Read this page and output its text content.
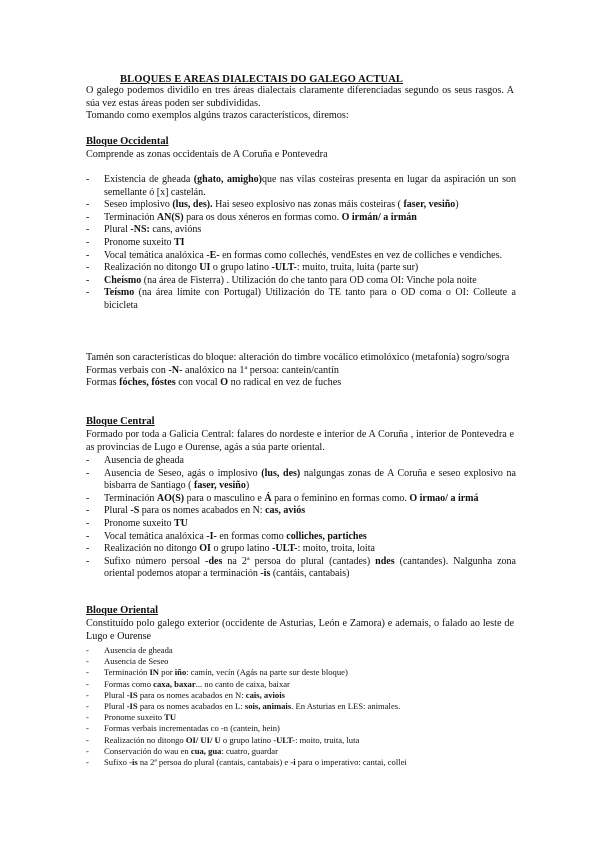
BLOQUES E AREAS DIALECTAIS DO GALEGO ACTUAL
O galego podemos dividilo en tres áreas dialectais claramente diferenciadas segundo os seus rasgos. A súa vez estas áreas poden ser subdivididas.
Tomando como exemplos algúns trazos característicos, diremos:
Bloque Occidental
Comprende as zonas occidentais de A Coruña e Pontevedra
- Existencia de gheada (ghato, amigho)que nas vilas costeiras presenta en lugar da aspiración un son semellante ó [x] castelán.
- Seseo implosivo (lus, des). Hai seseo explosivo nas zonas máis costeiras ( faser, vesiño)
- Terminación AN(S) para os dous xéneros en formas como. O irmán/ a irmán
- Plural -NS: cans, avións
- Pronome suxeito TI
- Vocal temática analóxica -E- en formas como collechés, vendEstes en vez de colliches e vendiches.
- Realización no ditongo UI o grupo latino -ULT-: muito, truita, luita (parte sur)
- Cheísmo (na área de Fisterra) . Utilización do che tanto para OD coma OI: Vinche pola noite
- Teísmo (na área límite con Portugal) Utilización do TE tanto para o OD coma o OI: Colleute a bicicleta
Tamén son características do bloque: alteración do timbre vocálico etimolóxico (metafonía) sogro/sogra
Formas verbais con -N- analóxico na 1ª persoa: cantein/cantín
Formas fóches, fóstes con vocal O no radical en vez de fuches
Bloque Central
Formado por toda a Galicia Central: falares do nordeste e interior de A Coruña , interior de Pontevedra e as provincias de Lugo e Ourense, agás a súa parte oriental.
- Ausencia de gheada
- Ausencia de Seseo, agás o implosivo (lus, des) nalgungas zonas de A Coruña e seseo explosivo na bisbarra de Santiago ( faser, vesiño)
- Terminación AO(S) para o masculino e Á para o feminino en formas como. O irmao/ a irmá
- Plural -S para os nomes acabados en N: cas, aviós
- Pronome suxeito TU
- Vocal temática analóxica -I- en formas como colliches, partiches
- Realización no ditongo OI o grupo latino -ULT-: moito, troita, loita
- Sufixo número persoal -des na 2ª persoa do plural (cantades) ndes (cantandes). Nalgunha zona oriental podemos atopar a terminación -is (cantáis, cantabais)
Bloque Oriental
Constituído polo galego exterior (occidente de Asturias, León e Zamora) e ademais, o falado ao leste de Lugo e Ourense
- Ausencia de gheada
- Ausencia de Seseo
- Terminación IN por iño: camín, vecín (Agás na parte sur deste bloque)
- Formas como caxa, baxar... no canto de caixa, baixar
- Plural -IS para os nomes acabados en N: cais, aviois
- Plural -IS para os nomes acabados en L: sois, animais. En Asturias en LES: animales.
- Pronome suxeito TU
- Formas verbais incrementadas co -n (cantein, hein)
- Realización no ditongo OI/ UI/ U o grupo latino -ULT-: moito, truita, luta
- Conservación do wau en cua, gua: cuatro, guardar
- Sufixo -is na 2ª persoa do plural (cantais, cantabais) e -i para o imperativo: cantai, collei
